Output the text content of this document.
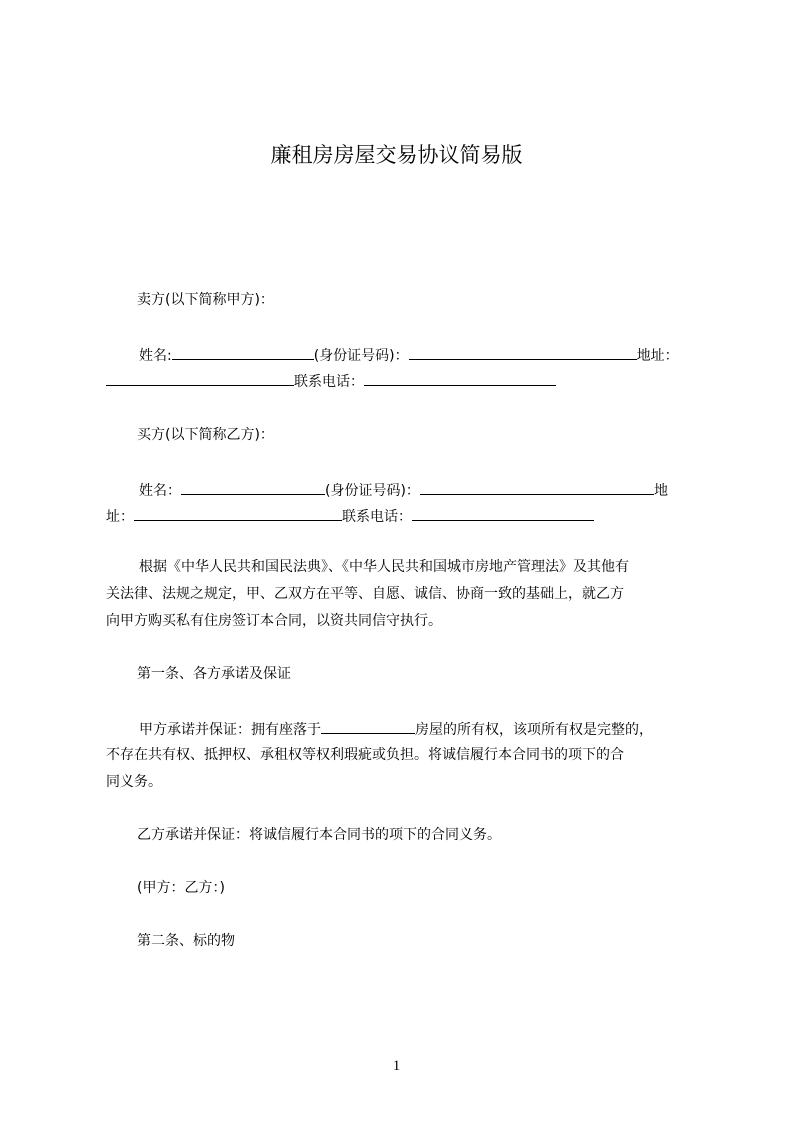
廉租房房屋交易协议简易版
卖方(以下简称甲方)：
姓名:	(身份证号码)：	地址：
联系电话：
买方(以下简称乙方)：
姓名：	(身份证号码)：	地
址：	联系电话：
根据《中华人民共和国民法典》、《中华人民共和国城市房地产管理法》及其他有
关法律、法规之规定，甲、乙双方在平等、自愿、诚信、协商一致的基础上，就乙方
向甲方购买私有住房签订本合同，以资共同信守执行。
第一条、各方承诺及保证
甲方承诺并保证：拥有座落于	房屋的所有权，该项所有权是完整的，
不存在共有权、抵押权、承租权等权利瑕疵或负担。将诚信履行本合同书的项下的合
同义务。
乙方承诺并保证：将诚信履行本合同书的项下的合同义务。
(甲方：乙方：)
第二条、标的物
1
